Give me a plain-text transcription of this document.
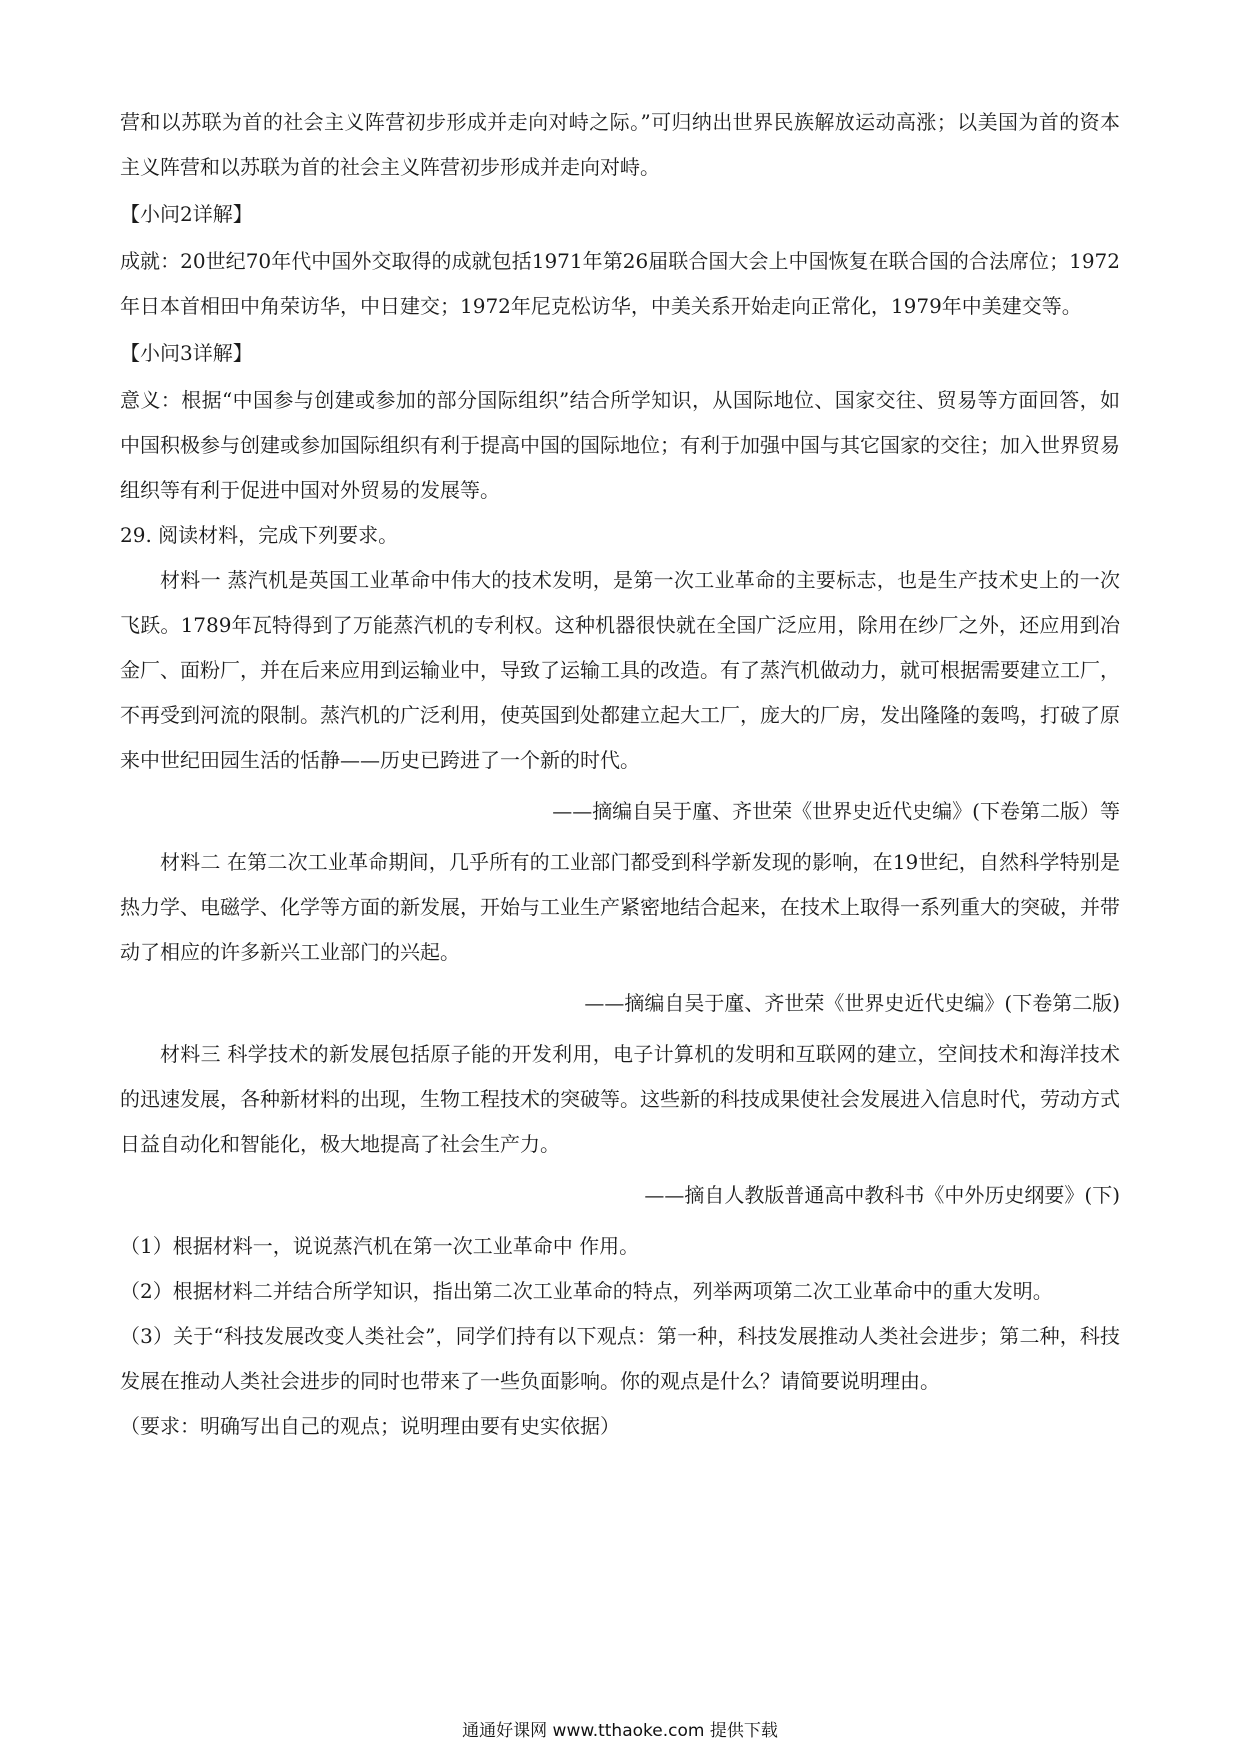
营和以苏联为首的社会主义阵营初步形成并走向对峙之际。”可归纳出世界民族解放运动高涨；以美国为首的资本主义阵营和以苏联为首的社会主义阵营初步形成并走向对峙。

【小问2详解】

成就：20世纪70年代中国外交取得的成就包括1971年第26届联合国大会上中国恢复在联合国的合法席位；1972年日本首相田中角荣访华，中日建交；1972年尼克松访华，中美关系开始走向正常化，1979年中美建交等。

【小问3详解】

意义：根据“中国参与创建或参加的部分国际组织”结合所学知识，从国际地位、国家交往、贸易等方面回答，如中国积极参与创建或参加国际组织有利于提高中国的国际地位；有利于加强中国与其它国家的交往；加入世界贸易组织等有利于促进中国对外贸易的发展等。

29. 阅读材料，完成下列要求。

材料一 蒸汽机是英国工业革命中伟大的技术发明，是第一次工业革命的主要标志，也是生产技术史上的一次飞跃。1789年瓦特得到了万能蒸汽机的专利权。这种机器很快就在全国广泛应用，除用在纱厂之外，还应用到冶金厂、面粉厂，并在后来应用到运输业中，导致了运输工具的改造。有了蒸汽机做动力，就可根据需要建立工厂，不再受到河流的限制。蒸汽机的广泛利用，使英国到处都建立起大工厂，庞大的厂房，发出隆隆的轰鸣，打破了原来中世纪田园生活的恬静——历史已跨进了一个新的时代。

——摘编自吴于廑、齐世荣《世界史近代史编》(下卷第二版）等

材料二 在第二次工业革命期间，几乎所有的工业部门都受到科学新发现的影响，在19世纪，自然科学特别是热力学、电磁学、化学等方面的新发展，开始与工业生产紧密地结合起来，在技术上取得一系列重大的突破，并带动了相应的许多新兴工业部门的兴起。

——摘编自吴于廑、齐世荣《世界史近代史编》(下卷第二版)

材料三 科学技术的新发展包括原子能的开发利用，电子计算机的发明和互联网的建立，空间技术和海洋技术的迅速发展，各种新材料的出现，生物工程技术的突破等。这些新的科技成果使社会发展进入信息时代，劳动方式日益自动化和智能化，极大地提高了社会生产力。

——摘自人教版普通高中教科书《中外历史纲要》(下)

（1）根据材料一，说说蒸汽机在第一次工业革命中 作用。

（2）根据材料二并结合所学知识，指出第二次工业革命的特点，列举两项第二次工业革命中的重大发明。

（3）关于“科技发展改变人类社会”，同学们持有以下观点：第一种，科技发展推动人类社会进步；第二种，科技发展在推动人类社会进步的同时也带来了一些负面影响。你的观点是什么？请简要说明理由。

（要求：明确写出自己的观点；说明理由要有史实依据）

通通好课网 www.tthaoke.com 提供下载
